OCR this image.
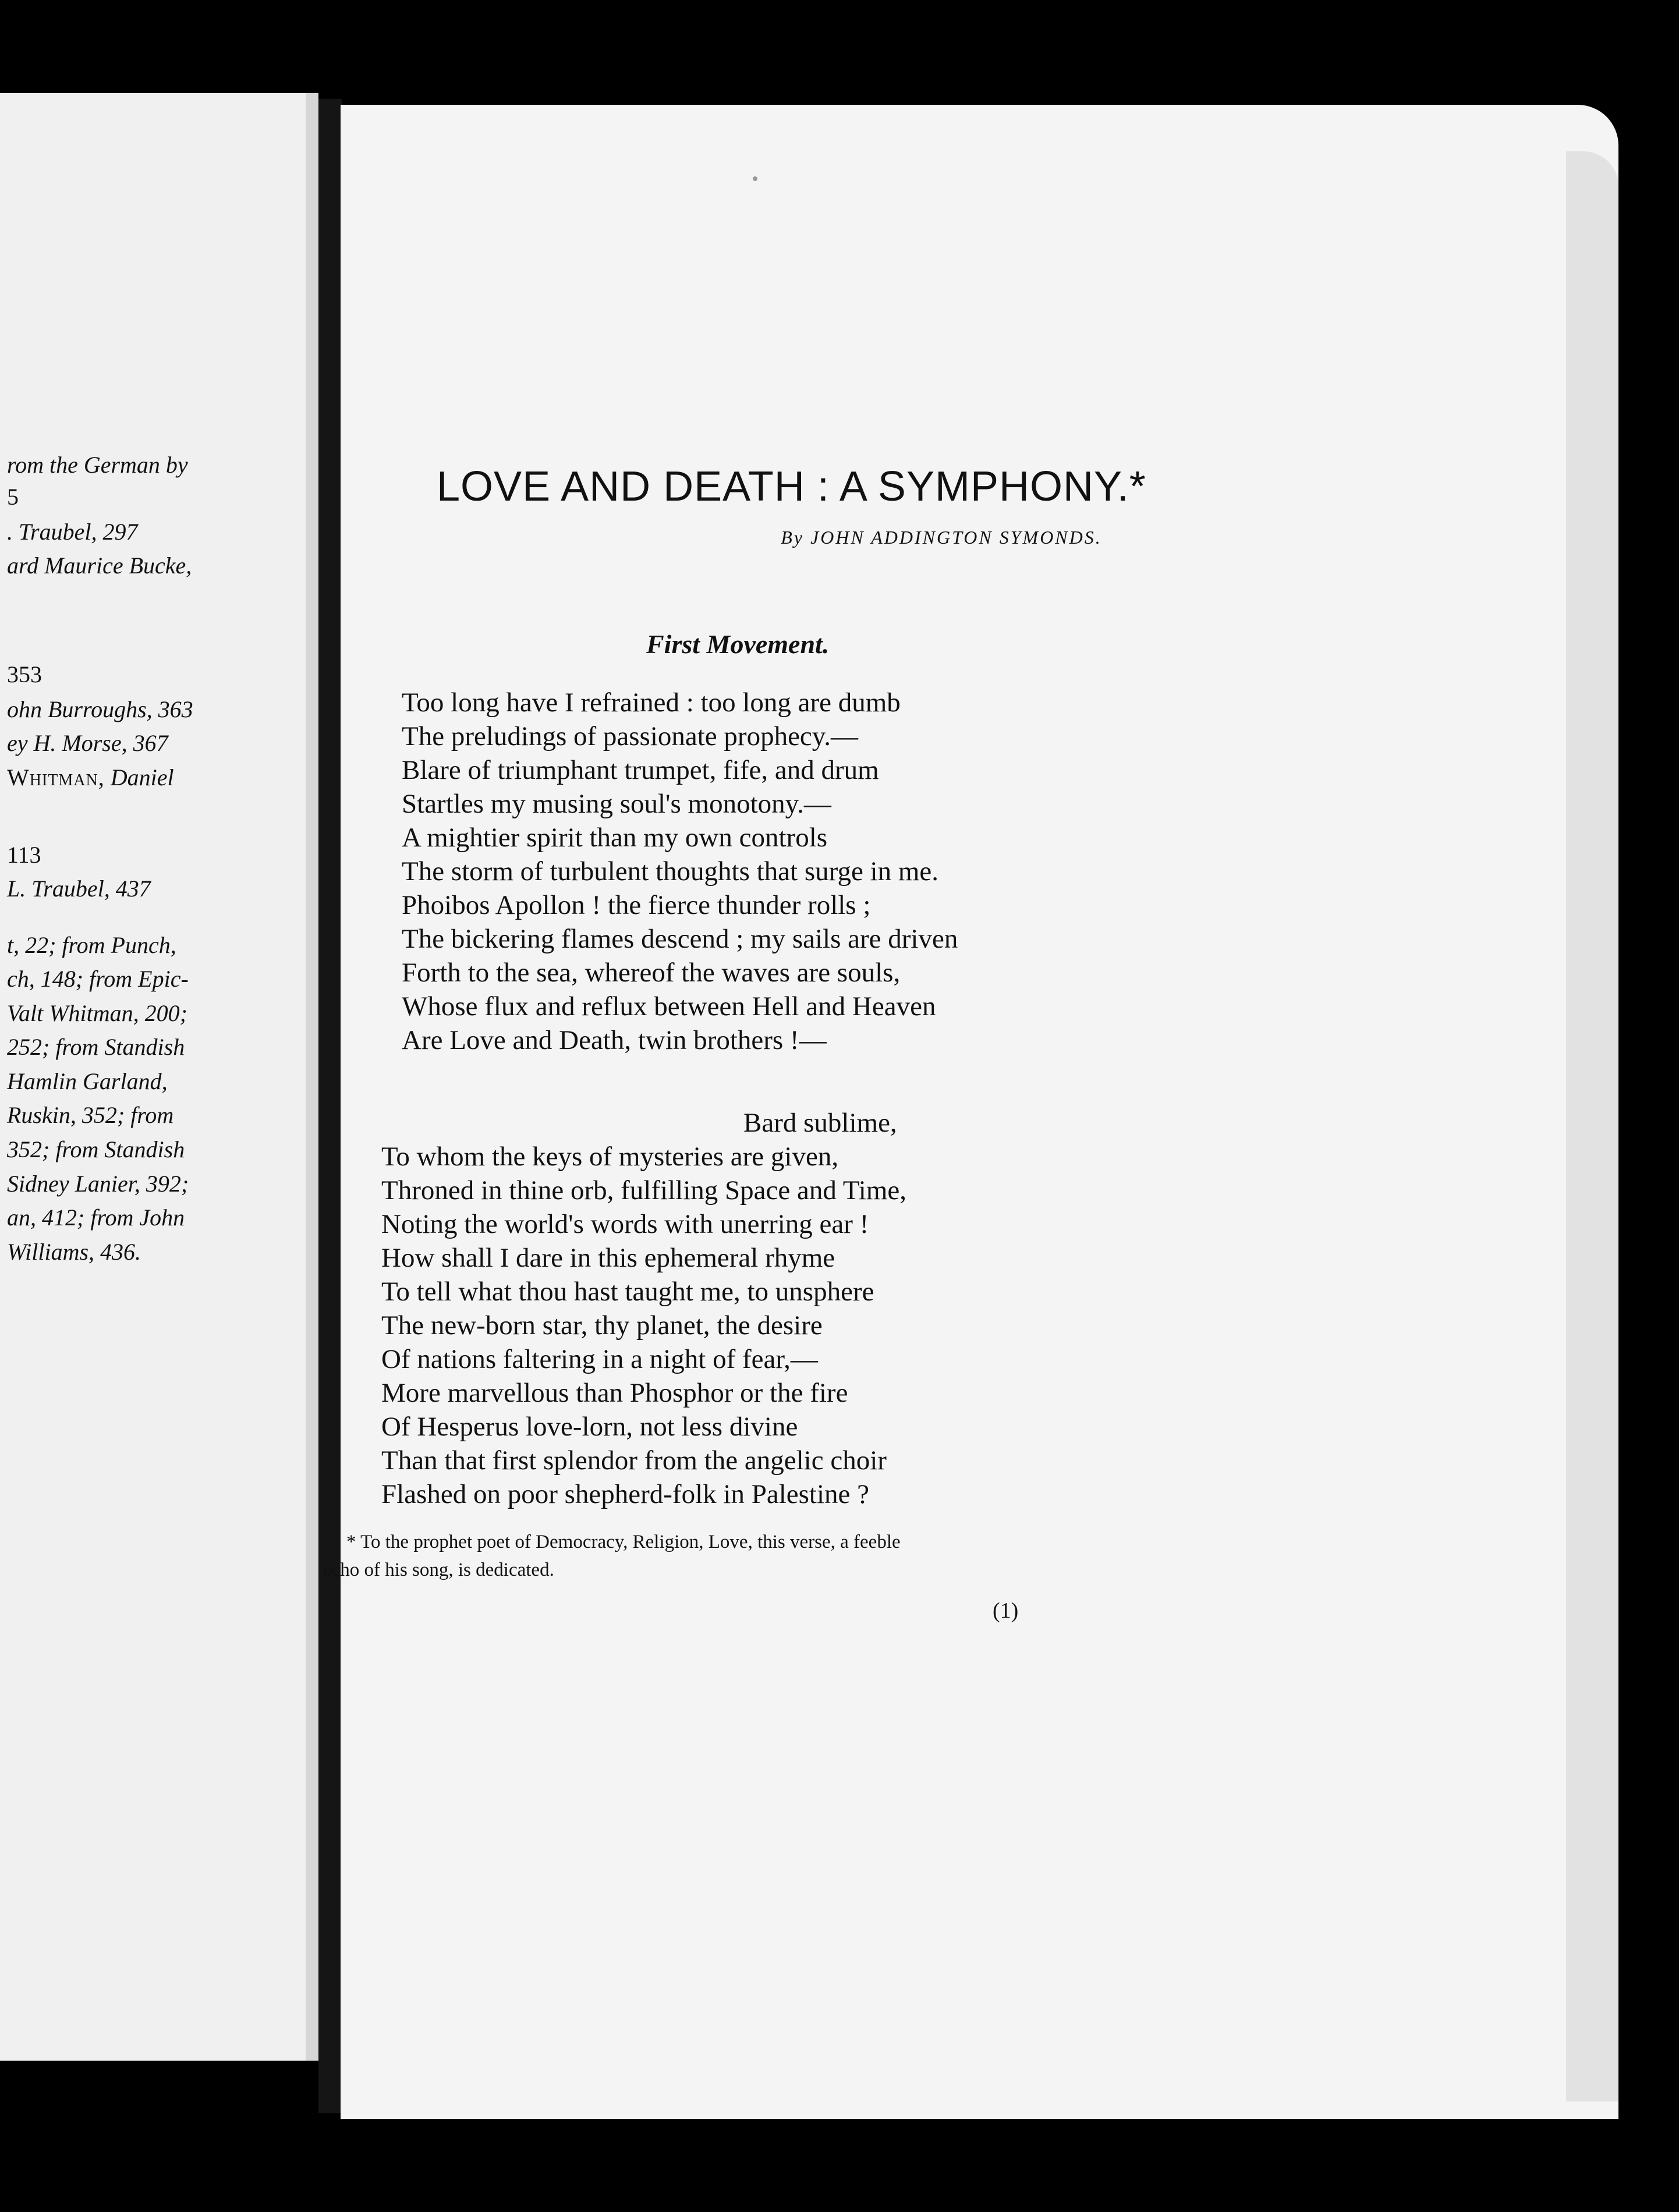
rom the German by
5
. Traubel, 297
ard Maurice Bucke,
353
ohn Burroughs, 363
ey H. Morse, 367
Whitman, Daniel
113
L. Traubel, 437
t, 22; from Punch,
ch, 148; from Epic-
Valt Whitman, 200;
252; from Standish
Hamlin Garland,
Ruskin, 352; from
352; from Standish
Sidney Lanier, 392;
an, 412; from John
Williams, 436.
LOVE AND DEATH : A SYMPHONY.*
By JOHN ADDINGTON SYMONDS.
First Movement.
Too long have I refrained : too long are dumb
The preludings of passionate prophecy.—
Blare of triumphant trumpet, fife, and drum
Startles my musing soul's monotony.—
A mightier spirit than my own controls
The storm of turbulent thoughts that surge in me.
Phoibos Apollon ! the fierce thunder rolls ;
The bickering flames descend ; my sails are driven
Forth to the sea, whereof the waves are souls,
Whose flux and reflux between Hell and Heaven
Are Love and Death, twin brothers !—
Bard sublime,
To whom the keys of mysteries are given,
Throned in thine orb, fulfilling Space and Time,
Noting the world's words with unerring ear !
How shall I dare in this ephemeral rhyme
To tell what thou hast taught me, to unsphere
The new-born star, thy planet, the desire
Of nations faltering in a night of fear,—
More marvellous than Phosphor or the fire
Of Hesperus love-lorn, not less divine
Than that first splendor from the angelic choir
Flashed on poor shepherd-folk in Palestine ?
* To the prophet poet of Democracy, Religion, Love, this verse, a feeble
echo of his song, is dedicated.
(1)
